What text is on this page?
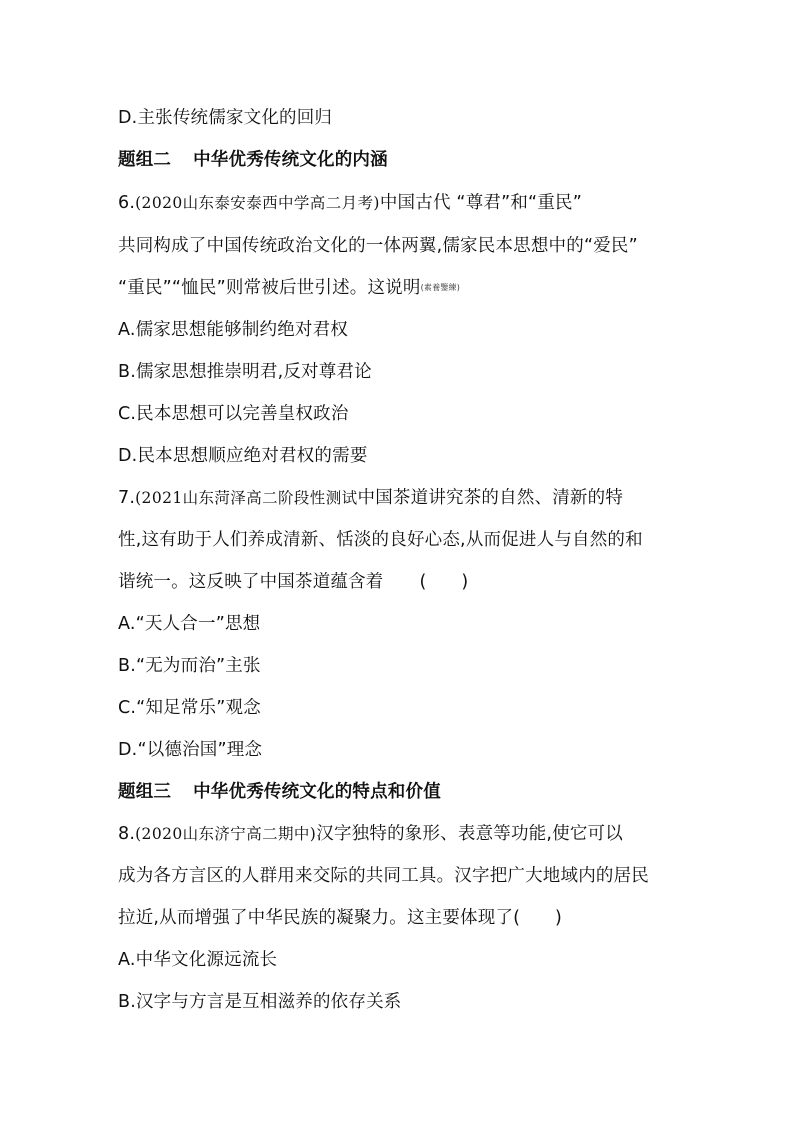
D.主张传统儒家文化的回归
题组二 中华优秀传统文化的内涵
6.(2020山东泰安泰西中学高二月考)中国古代 “尊君”和“重民”
共同构成了中国传统政治文化的一体两翼,儒家民本思想中的“爱民”
“重民”“恤民”则常被后世引述。这说明(素養鑒練)
A.儒家思想能够制约绝对君权
B.儒家思想推崇明君,反对尊君论
C.民本思想可以完善皇权政治
D.民本思想顺应绝对君权的需要
7.(2021山东菏泽高二阶段性测试中国茶道讲究茶的自然、清新的特
性,这有助于人们养成清新、恬淡的良好心态,从而促进人与自然的和
谐统一。这反映了中国茶道蕴含着 (　　)
A.“天人合一”思想
B.“无为而治”主张
C.“知足常乐”观念
D.“以德治国”理念
题组三 中华优秀传统文化的特点和价值
8.(2020山东济宁高二期中)汉字独特的象形、表意等功能,使它可以
成为各方言区的人群用来交际的共同工具。汉字把广大地域内的居民
拉近,从而增强了中华民族的凝聚力。这主要体现了(　　)
A.中华文化源远流长
B.汉字与方言是互相滋养的依存关系
